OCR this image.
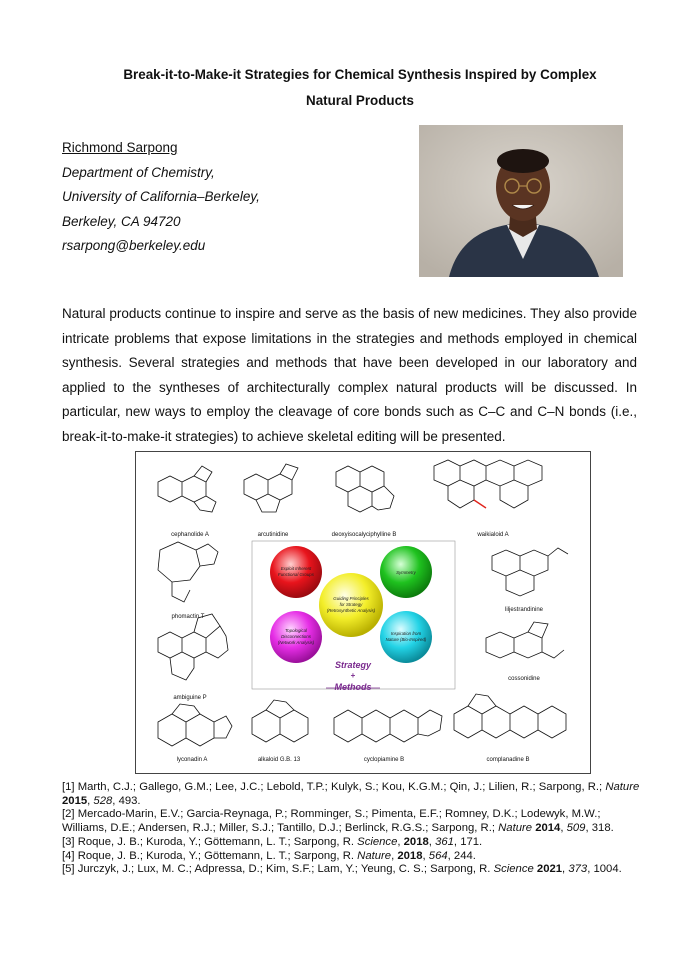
Break-it-to-Make-it Strategies for Chemical Synthesis Inspired by Complex
Natural Products
Richmond Sarpong
Department of Chemistry,
University of California–Berkeley,
Berkeley, CA 94720
rsarpong@berkeley.edu
Natural products continue to inspire and serve as the basis of new medicines. They also provide intricate problems that expose limitations in the strategies and methods employed in chemical synthesis. Several strategies and methods that have been developed in our laboratory and applied to the syntheses of architecturally complex natural products will be discussed. In particular, new ways to employ the cleavage of core bonds such as C–C and C–N bonds (i.e., break-it-to-make-it strategies) to achieve skeletal editing will be presented.
Exploit Inherent
Functional Groups	Symmetry
Guiding Principles
for Strategy
(Retrosynthetic Analysis)
Topological
Disconnections
(Network Analysis)
Inspiration from
Nature (Bio-Inspired)
Strategy
+
Methods
cephanolide A	arcutinidine	deoxyisocalyciphylline B	waikialoid A
phomactin T
liljestrandinine
ambiguine P
cossonidine
lyconadin A	alkaloid G.B. 13	cyclopiamine B	complanadine B

[1] Marth, C.J.; Gallego, G.M.; Lee, J.C.; Lebold, T.P.; Kulyk, S.; Kou, K.G.M.; Qin, J.; Lilien, R.; Sarpong, R.; Nature 2015, 528, 493.

[2] Mercado-Marin, E.V.; Garcia-Reynaga, P.; Romminger, S.; Pimenta, E.F.; Romney, D.K.; Lodewyk, M.W.; Williams, D.E.; Andersen, R.J.; Miller, S.J.; Tantillo, D.J.; Berlinck, R.G.S.; Sarpong, R.; Nature 2014, 509, 318.

[3] Roque, J. B.; Kuroda, Y.; Göttemann, L. T.; Sarpong, R. Science, 2018, 361, 171.

[4] Roque, J. B.; Kuroda, Y.; Göttemann, L. T.; Sarpong, R. Nature, 2018, 564, 244.

[5] Jurczyk, J.; Lux, M. C.; Adpressa, D.; Kim, S.F.; Lam, Y.; Yeung, C. S.; Sarpong, R. Science 2021, 373, 1004.
